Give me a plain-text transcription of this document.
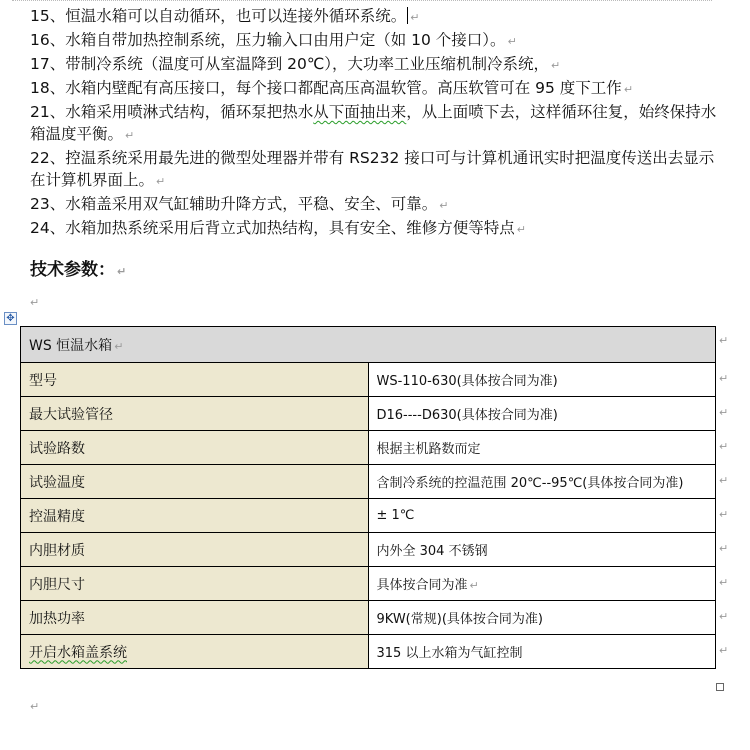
15、恒温水箱可以自动循环，也可以连接外循环系统。 ↵

16、水箱自带加热控制系统，压力输入口由用户定（如 10 个接口）。 ↵

17、带制冷系统（温度可从室温降到 20℃），大功率工业压缩机制冷系统， ↵

18、水箱内壁配有高压接口，每个接口都配高压高温软管。高压软管可在 95 度下工作 ↵

21、水箱采用喷淋式结构，循环泵把热水从下面抽出来，从上面喷下去，这样循环往复，始终保持水箱温度平衡。 ↵

22、控温系统采用最先进的微型处理器并带有 RS232 接口可与计算机通讯实时把温度传送出去显示在计算机界面上。 ↵

23、水箱盖采用双气缸辅助升降方式，平稳、安全、可靠。 ↵

24、水箱加热系统采用后背立式加热结构，具有安全、维修方便等特点 ↵

技术参数： ↵
↵
✥
WS 恒温水箱 ↵	
型号	WS-110-630(具体按合同为准)
最大试验管径	D16----D630(具体按合同为准)
试验路数	根据主机路数而定
试验温度	含制冷系统的控温范围 20℃--95℃(具体按合同为准)
控温精度	± 1℃
内胆材质	内外全 304 不锈钢
内胆尺寸	具体按合同为准 ↵
加热功率	9KW(常规)(具体按合同为准)
开启水箱盖系统	315 以上水箱为气缸控制
↵
↵
↵
↵
↵
↵
↵
↵
↵
↵
↵
